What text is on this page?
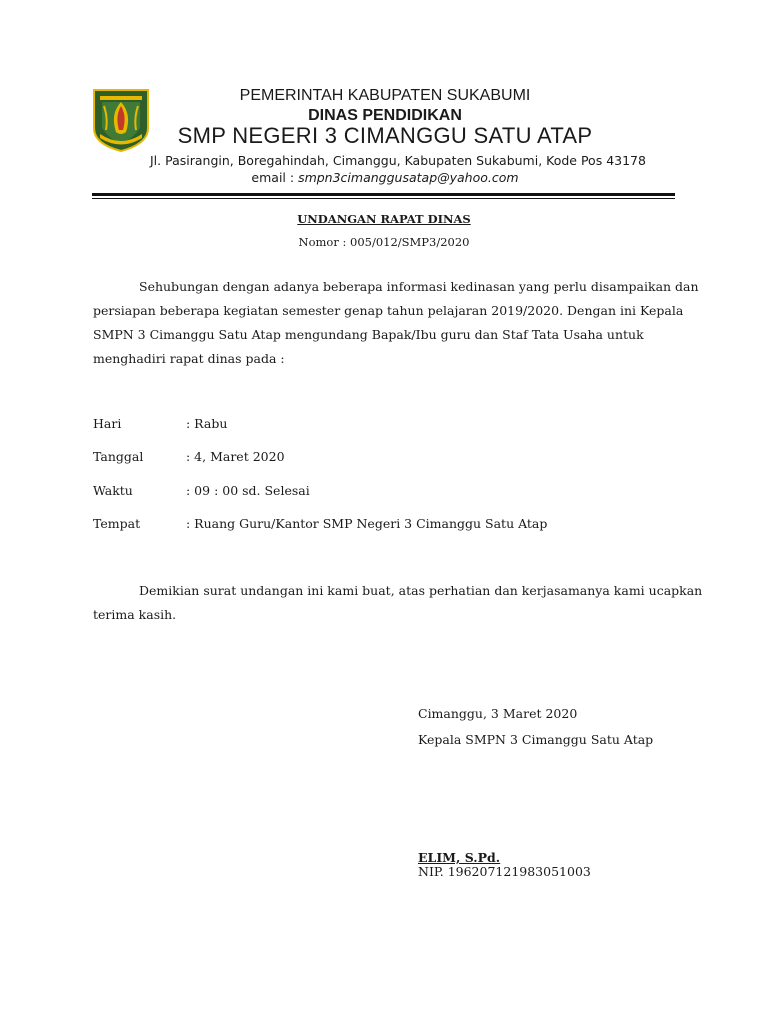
PEMERINTAH KABUPATEN SUKABUMI
DINAS PENDIDIKAN
SMP NEGERI 3 CIMANGGU SATU ATAP
Jl. Pasirangin, Boregahindah, Cimanggu, Kabupaten Sukabumi, Kode Pos 43178
email : smpn3cimanggusatap@yahoo.com
UNDANGAN RAPAT DINAS
Nomor : 005/012/SMP3/2020
Sehubungan dengan adanya beberapa informasi kedinasan yang perlu disampaikan dan
persiapan beberapa kegiatan semester genap tahun pelajaran 2019/2020. Dengan ini Kepala
SMPN 3 Cimanggu Satu Atap mengundang Bapak/Ibu guru dan Staf Tata Usaha untuk
menghadiri rapat dinas pada :
Hari	: Rabu
Tanggal	: 4, Maret 2020
Waktu	: 09 : 00 sd. Selesai
Tempat	: Ruang Guru/Kantor SMP Negeri 3 Cimanggu Satu Atap
Demikian surat undangan ini kami buat, atas perhatian dan kerjasamanya kami ucapkan
terima kasih.
Cimanggu, 3 Maret 2020
Kepala SMPN 3 Cimanggu Satu Atap
ELIM, S.Pd.
NIP. 196207121983051003
